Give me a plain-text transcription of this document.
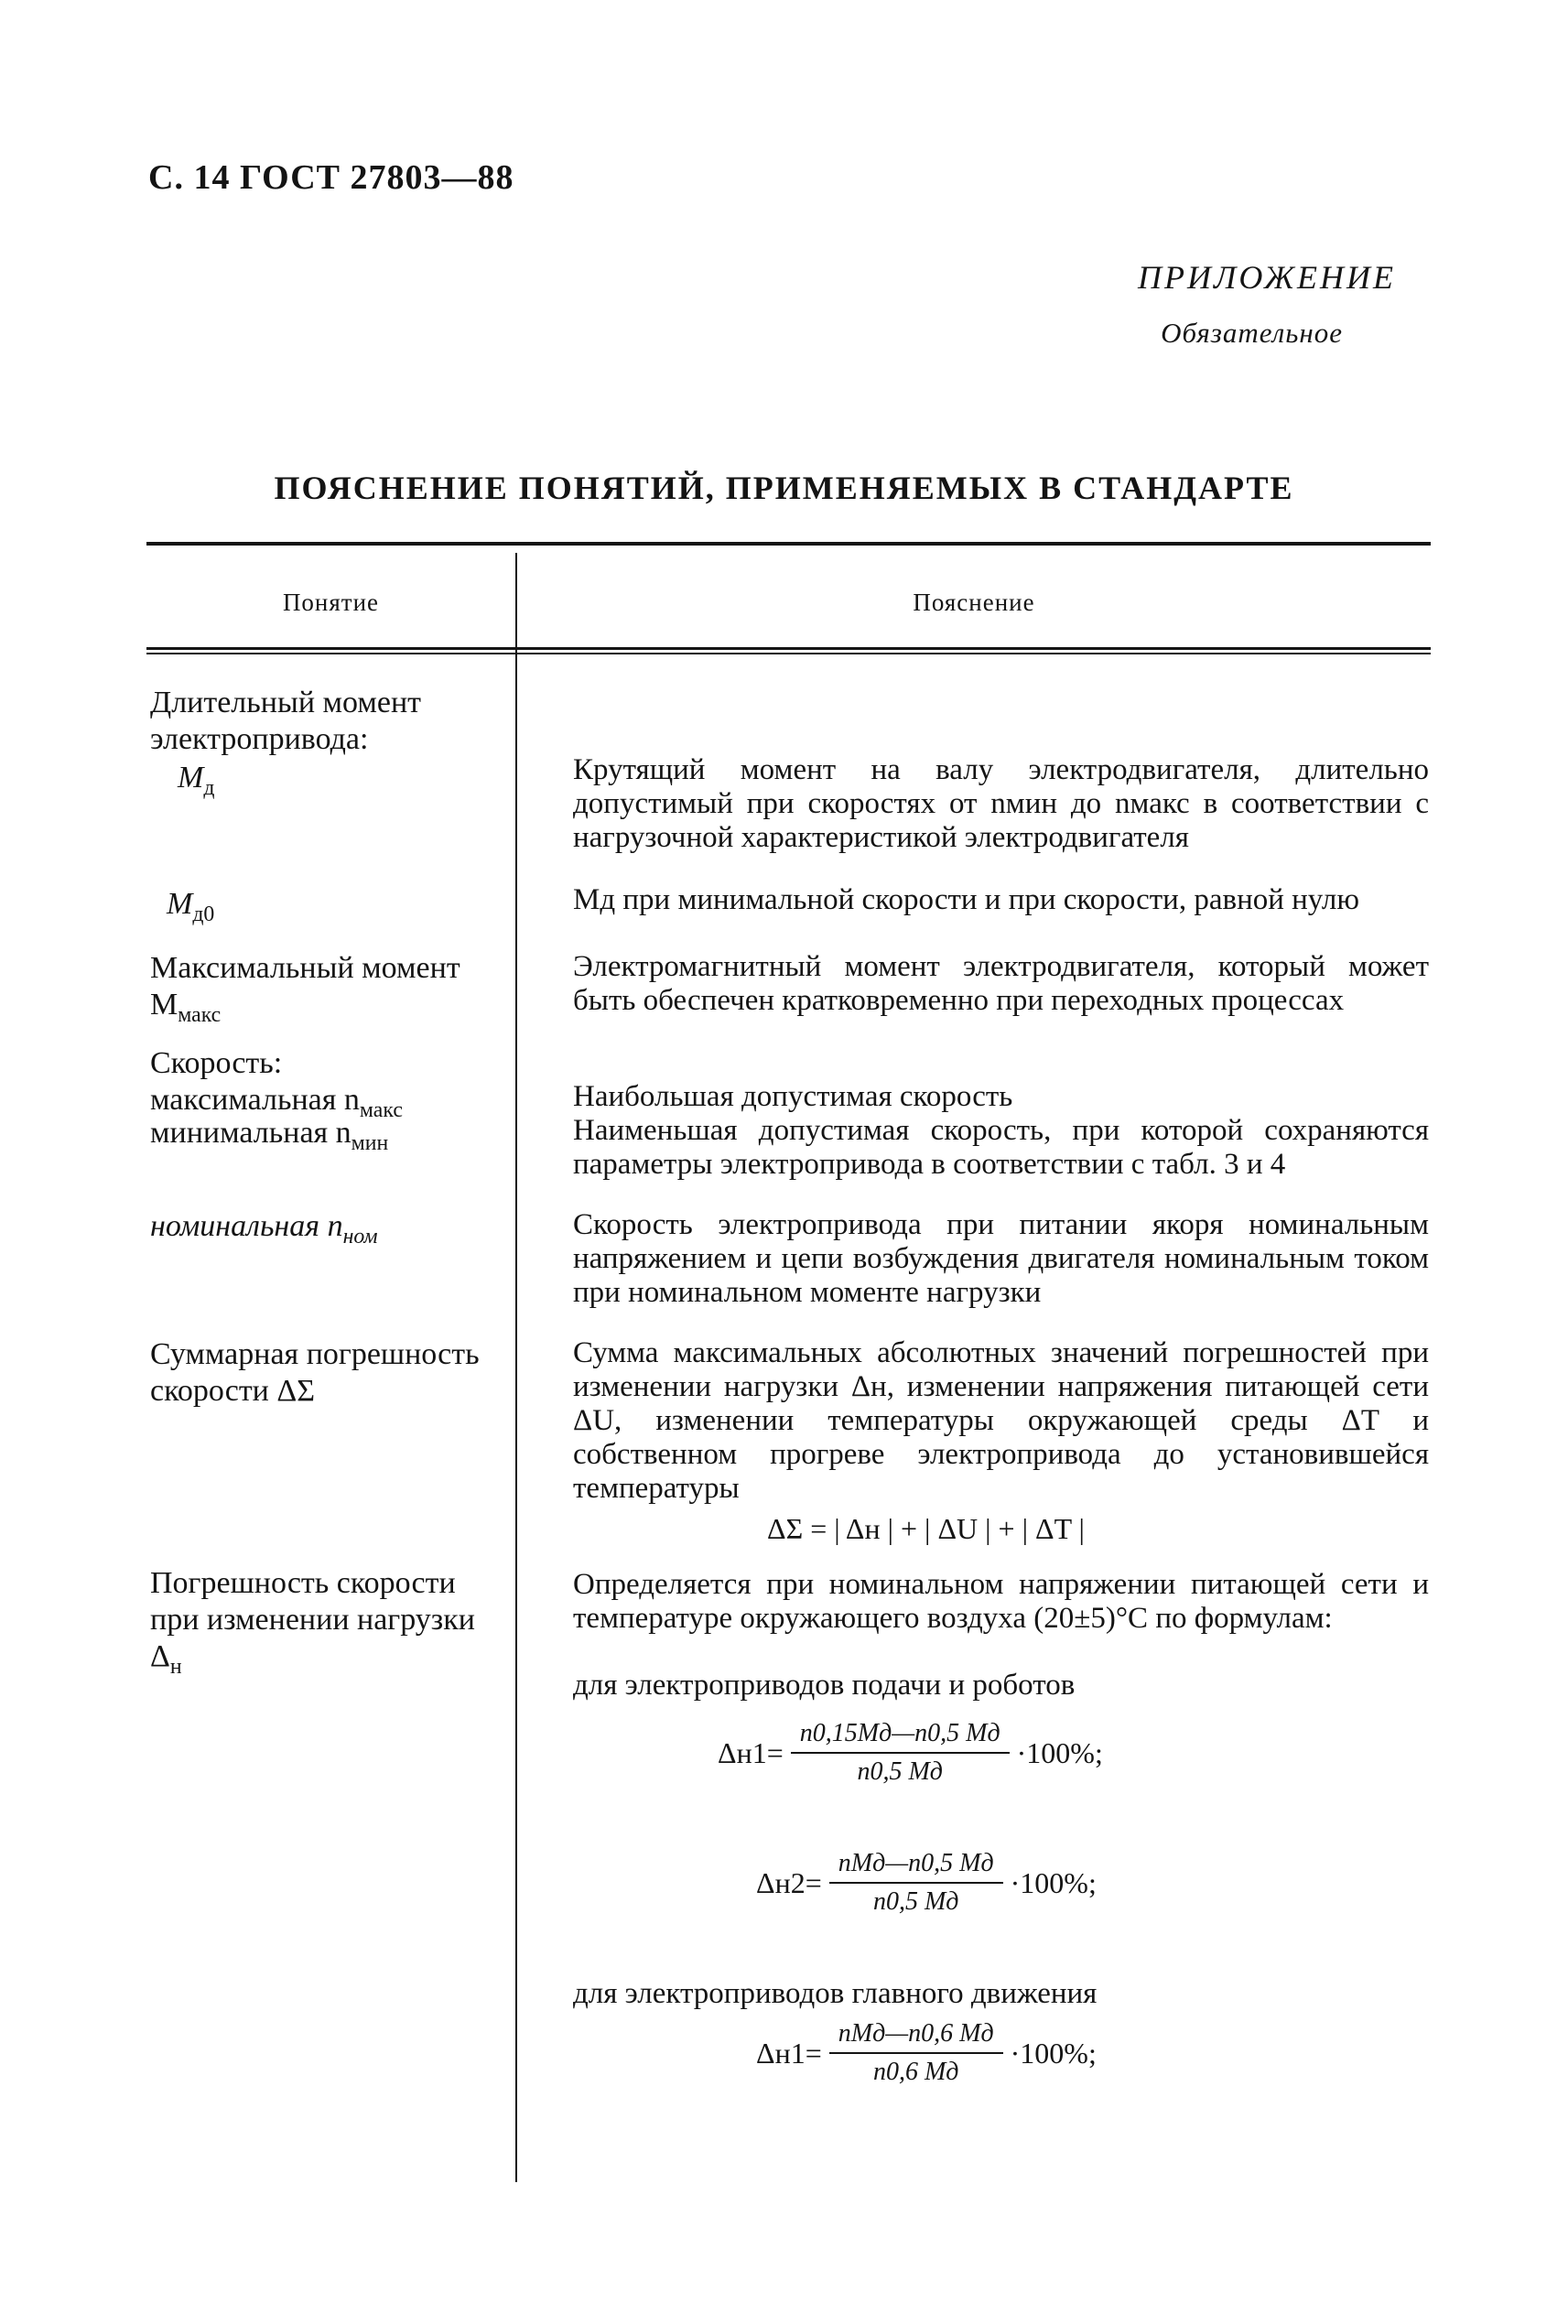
С. 14 ГОСТ 27803—88
ПРИЛОЖЕНИЕ
Обязательное
ПОЯСНЕНИЕ ПОНЯТИЙ, ПРИМЕНЯЕМЫХ В СТАНДАРТЕ
Понятие	Пояснение
Длительный момент электропривода:
$М_д$
$М_{д0}$
Максимальный момент $М_{макс}$
Скорость:
максимальная $n_{макс}$
минимальная $n_{мин}$
номинальная $n_{ном}$
Суммарная погрешность скорости ΔΣ
Погрешность скорости при изменении нагрузки $\Delta_н$
Крутящий момент на валу электродвигателя, длительно допустимый при скоростях от nмин до nмакс в соответствии с нагрузочной характеристикой электродвигателя
Мд при минимальной скорости и при скорости, равной нулю
Электромагнитный момент электродвигателя, который может быть обеспечен кратковременно при переходных процессах
Наибольшая допустимая скорость
Наименьшая допустимая скорость, при которой сохраняются параметры электропривода в соответствии с табл. 3 и 4
Скорость электропривода при питании якоря номинальным напряжением и цепи возбуждения двигателя номинальным током при номинальном моменте нагрузки
Сумма максимальных абсолютных значений погрешностей при изменении нагрузки Δн, изменении напряжения питающей сети ΔU, изменении температуры окружающей среды ΔT и собственном прогреве электропривода до установившейся температуры
ΔΣ = | Δн | + | ΔU | + | ΔT |
Определяется при номинальном напряжении питающей сети и температуре окружающего воздуха (20±5)°С по формулам:
для электроприводов подачи и роботов
$\Delta н1= \frac{n0,15Mд—n0,5 Mд}{n0,5 Mд} \cdot 100\%$;
$\Delta н2= \frac{\text{nMд—n0,5 Mд}}{n0,5 Mд} \cdot 100\%$;
для электроприводов главного движения
$\Delta н1= \frac{\text{nMд—n0,6 Mд}}{n0,6 Mд} \cdot 100\%$;
